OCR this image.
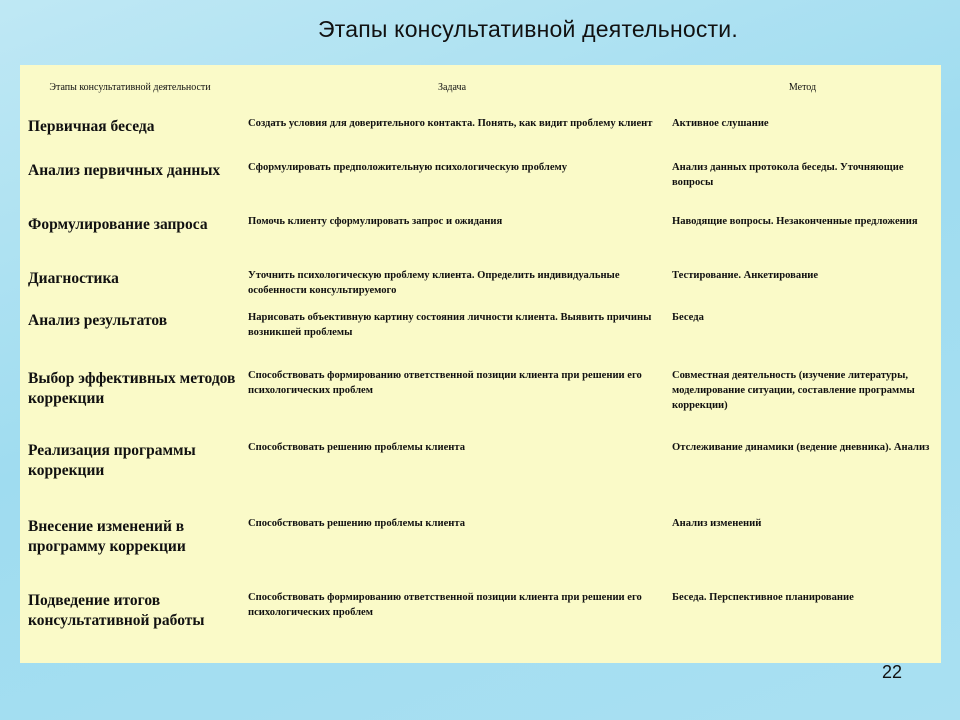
Этапы консультативной деятельности.
Этапы консультативной деятельности	Задача	Метод
Первичная беседа	Создать условия для доверительного контакта. Понять, как видит проблему клиент	Активное слушание
Анализ первичных данных	Сформулировать предположительную психологическую проблему	Анализ данных протокола беседы. Уточняющие вопросы
Формулирование запроса	Помочь клиенту сформулировать запрос и ожидания	Наводящие вопросы. Незаконченные предложения
Диагностика	Уточнить психологическую проблему клиента. Определить индивидуальные особенности консультируемого	Тестирование. Анкетирование
Анализ результатов	Нарисовать объективную картину состояния личности клиента. Выявить причины возникшей проблемы	Беседа
Выбор эффективных методов коррекции	Способствовать формированию ответственной позиции клиента при решении его психологических проблем	Совместная деятельность (изучение литературы, моделирование ситуации, составление программы коррекции)
Реализация программы коррекции	Способствовать решению проблемы клиента	Отслеживание динамики (ведение дневника). Анализ
Внесение изменений в программу коррекции	Способствовать решению проблемы клиента	Анализ изменений
Подведение итогов консультативной работы	Способствовать формированию ответственной позиции клиента при решении его психологических проблем	Беседа. Перспективное планирование
22
